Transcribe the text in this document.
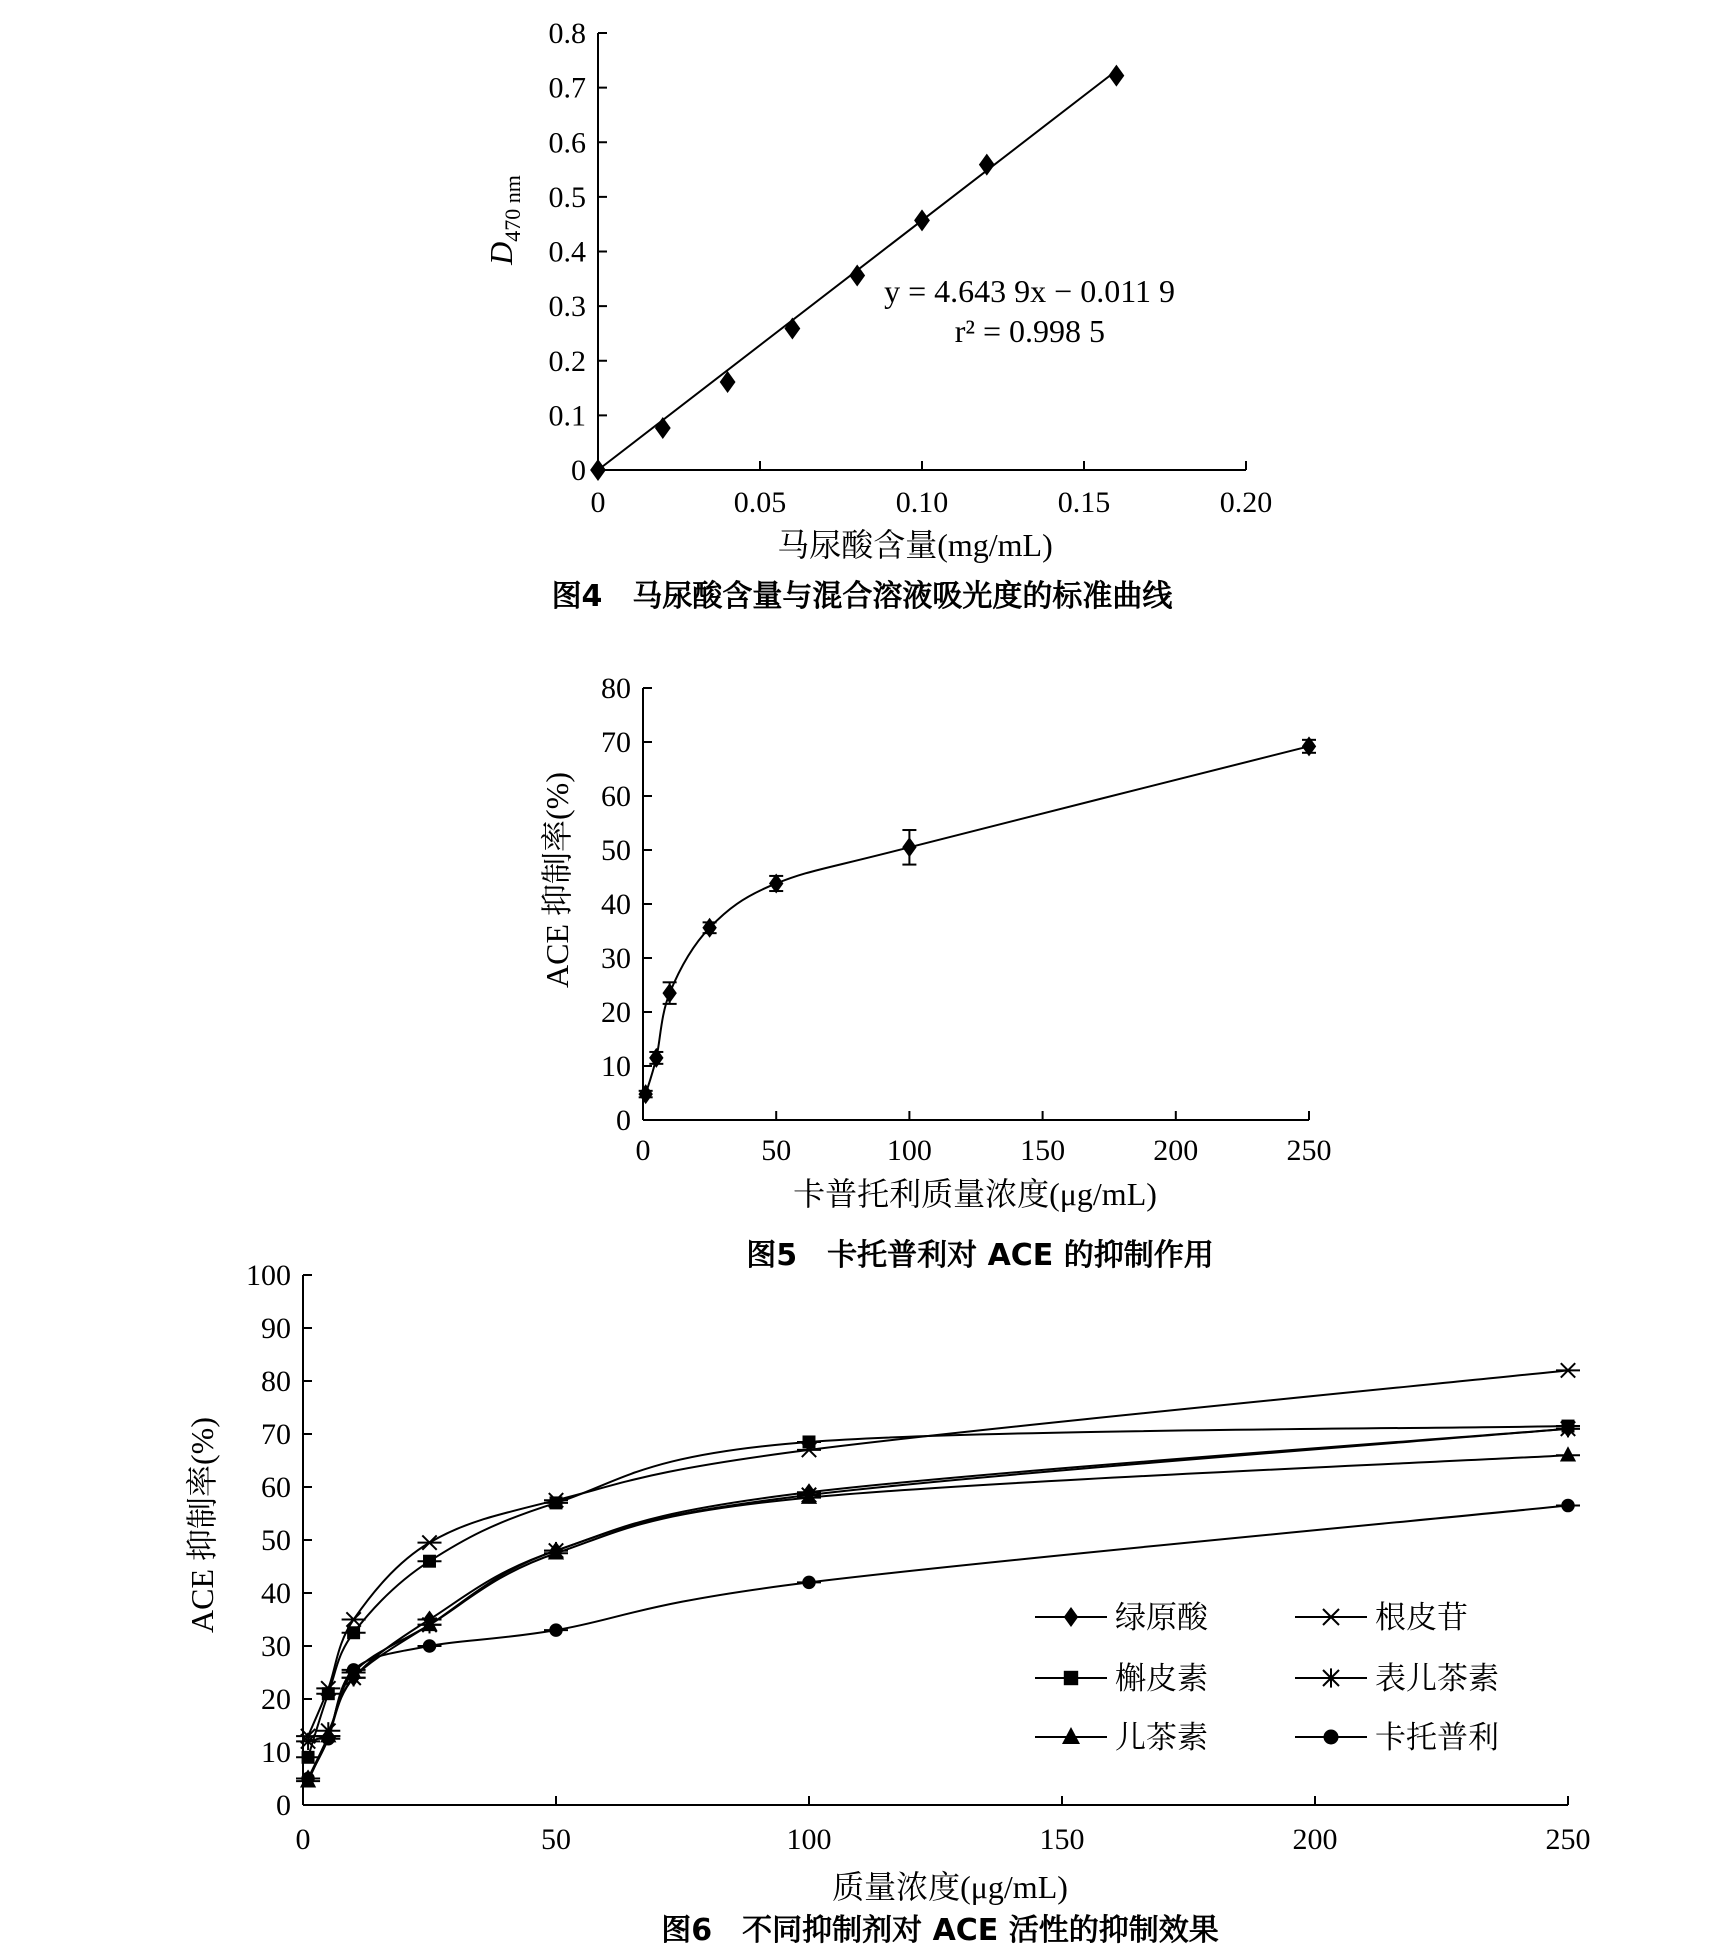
0	0.05	0.10	0.15	0.20
0
0.1
0.2
0.3
0.4
0.5
0.6
0.7
0.8
马尿酸含量(mg/mL)
$D_{470 nm}$
y = 4.643 9x − 0.011 9
r² = 0.998 5
图4　马尿酸含量与混合溶液吸光度的标准曲线
0	50	100	150	200	250
0
10
20
30
40
50
60
70
80
卡普托利质量浓度(μg/mL)
ACE 抑制率(%)
图5　卡托普利对 ACE 的抑制作用
0	50	100	150	200	250
0
10
20
30
40
50
60
70
80
90
100
绿原酸	根皮苷
槲皮素	表儿茶素
儿茶素	卡托普利
质量浓度(μg/mL)
ACE 抑制率(%)
图6　不同抑制剂对 ACE 活性的抑制效果
